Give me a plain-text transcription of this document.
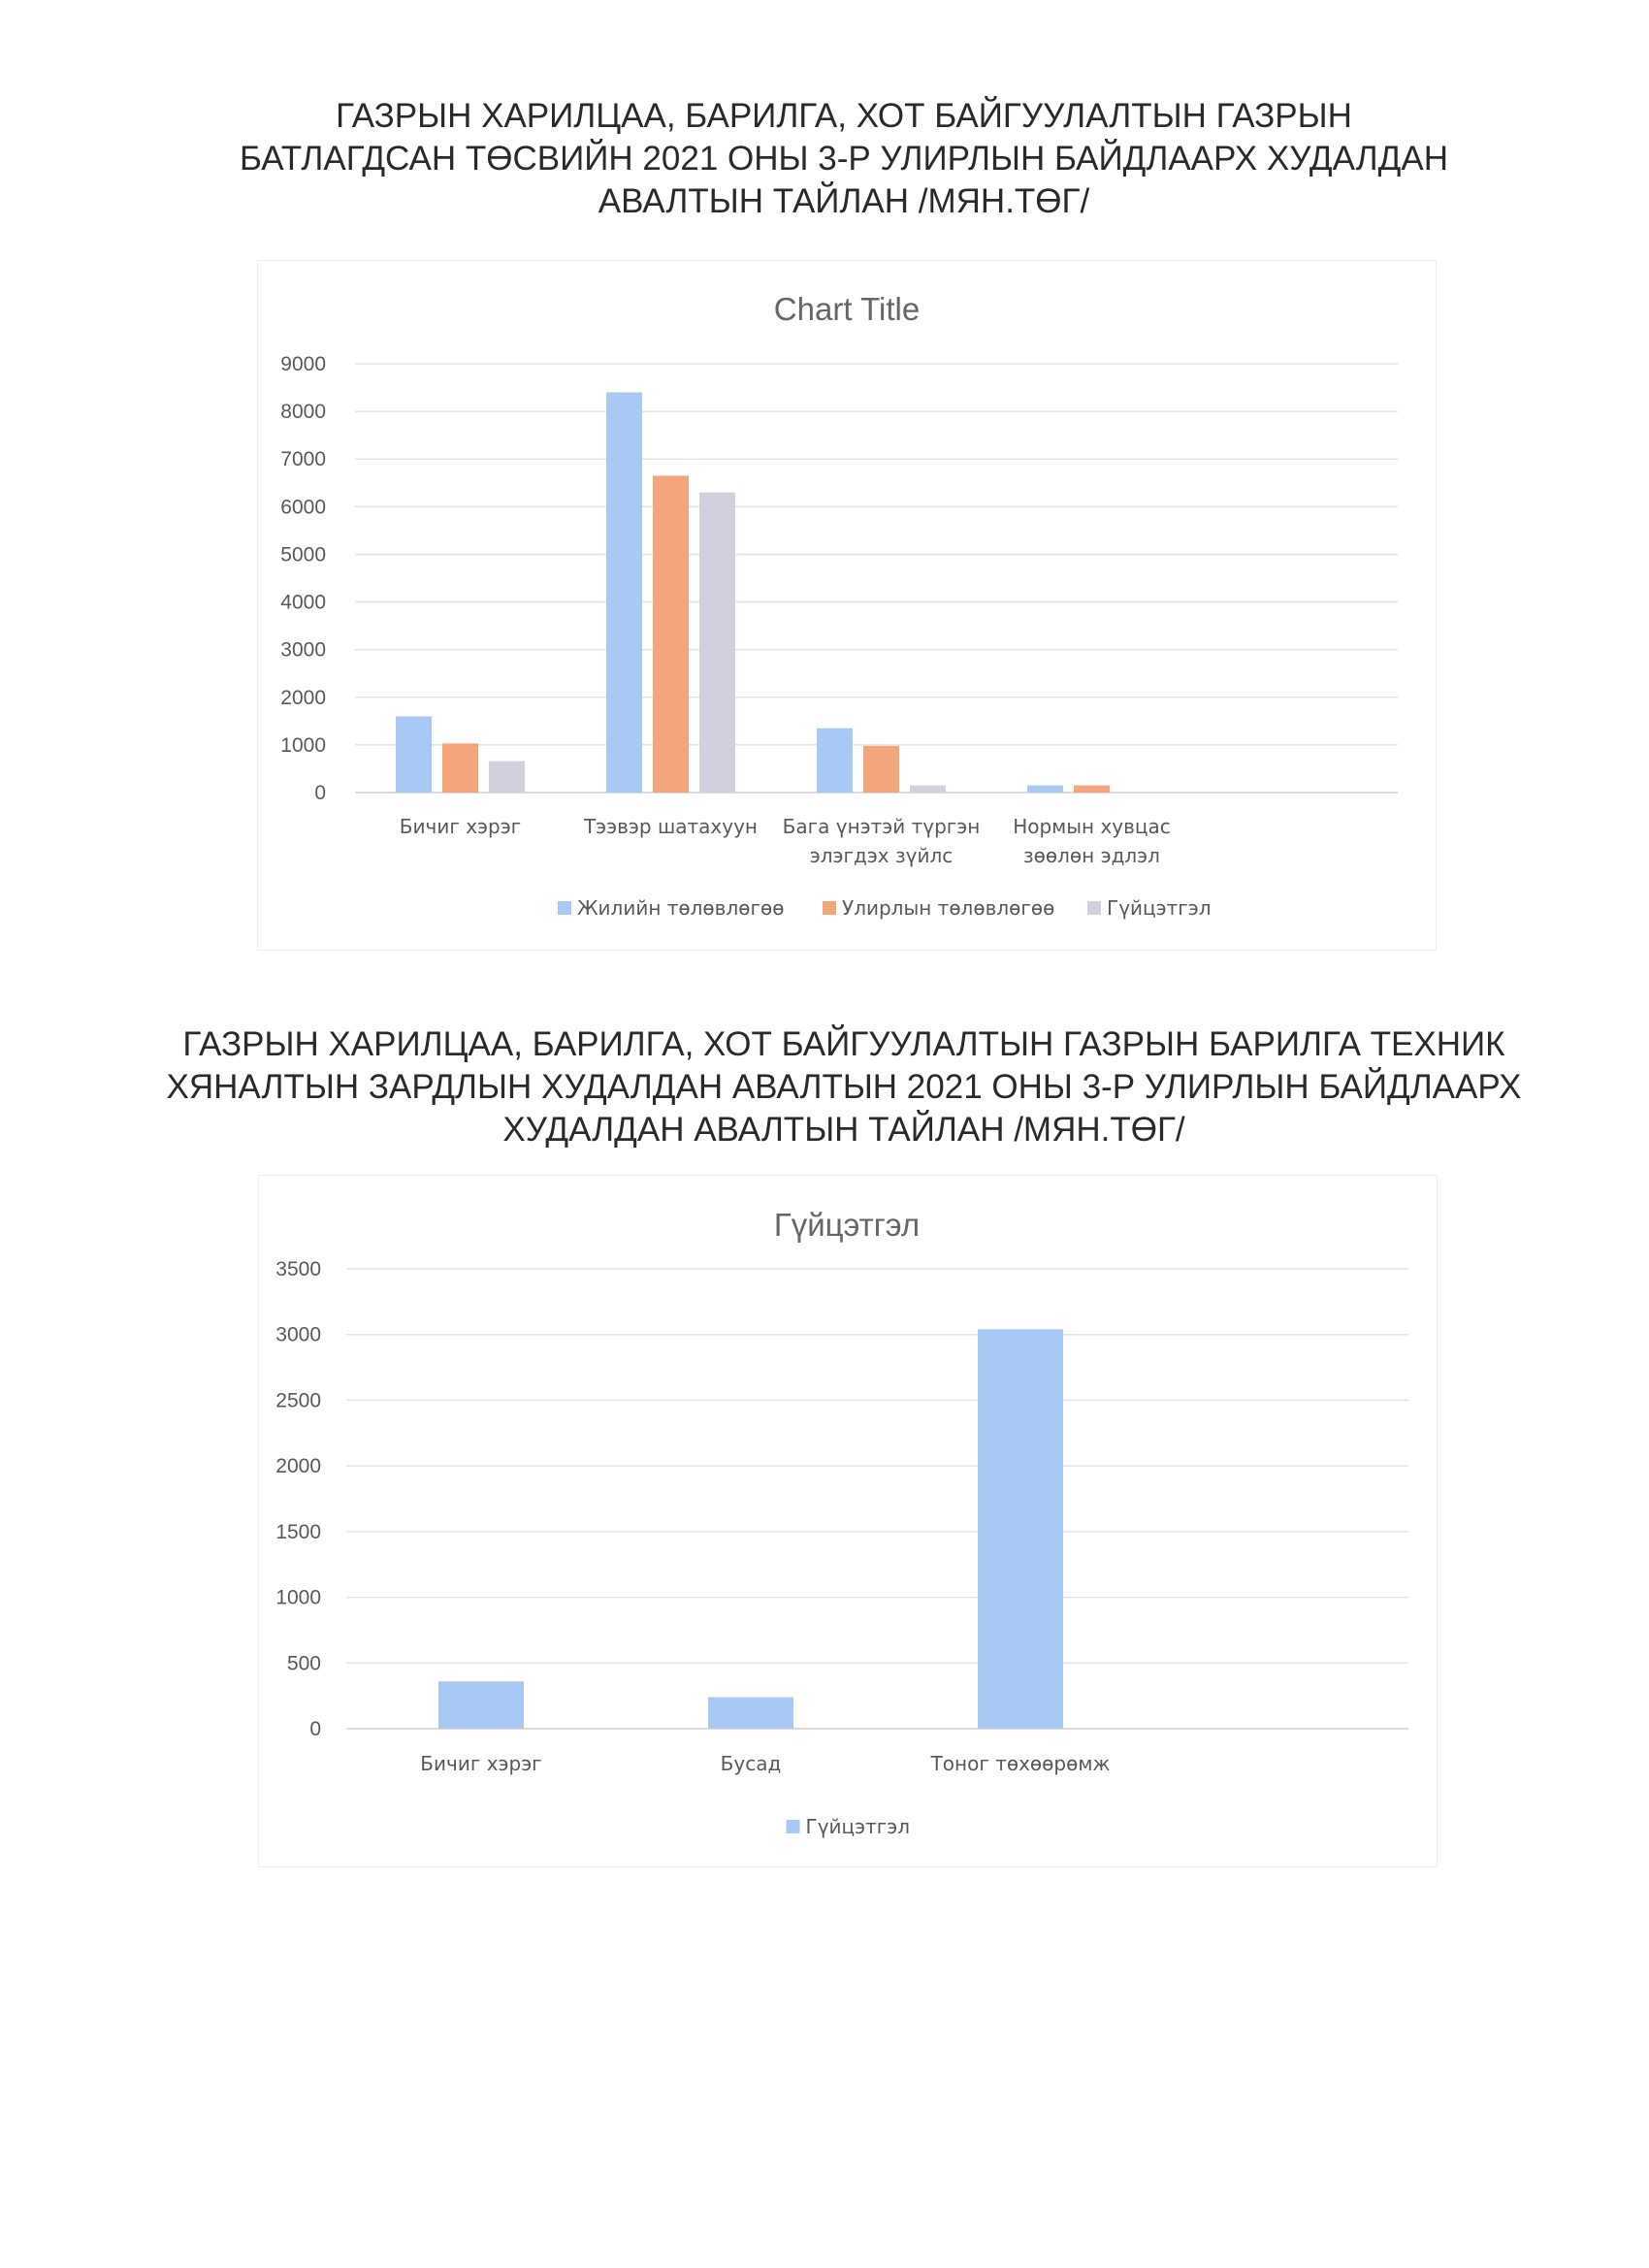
ГАЗРЫН ХАРИЛЦАА, БАРИЛГА, ХОТ БАЙГУУЛАЛТЫН ГАЗРЫН
БАТЛАГДСАН ТӨСВИЙН 2021 ОНЫ 3-Р УЛИРЛЫН БАЙДЛААРХ ХУДАЛДАН
АВАЛТЫН ТАЙЛАН /МЯН.ТӨГ/
Chart Title
0
1000
2000
3000
4000
5000
6000
7000
8000
9000
Бичиг хэрэг	Тээвэр шатахуун Бага үнэтэй түргэн
элэгдэх зүйлс
Нормын хувцас
зөөлөн эдлэл
Жилийн төлөвлөгөө	Улирлын төлөвлөгөө	Гүйцэтгэл
ГАЗРЫН ХАРИЛЦАА, БАРИЛГА, ХОТ БАЙГУУЛАЛТЫН ГАЗРЫН БАРИЛГА ТЕХНИК
ХЯНАЛТЫН ЗАРДЛЫН ХУДАЛДАН АВАЛТЫН 2021 ОНЫ 3-Р УЛИРЛЫН БАЙДЛААРХ
ХУДАЛДАН АВАЛТЫН ТАЙЛАН /МЯН.ТӨГ/
Гүйцэтгэл
0
500
1000
1500
2000
2500
3000
3500
Бичиг хэрэг	Бусад	Тоног төхөөрөмж
Гүйцэтгэл
